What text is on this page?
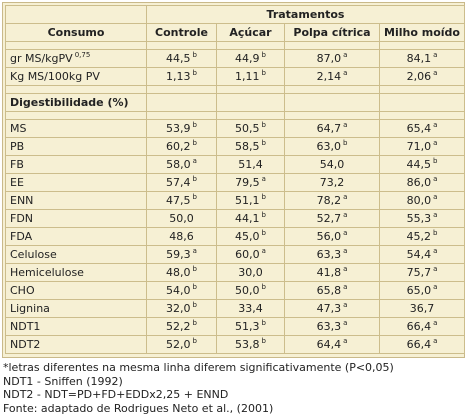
	Tratamentos			
Consumo	Controle	Açúcar	Polpa cítrica	Milho moído

gr MS/kgPV $^{0,75}$	44,5 $^b$	44,9 $^b$	87,0 $^a$	84,1 $^a$
Kg MS/100kg PV	1,13 $^b$	1,11 $^b$	2,14 $^a$	2,06 $^a$

Digestibilidade (%)				

MS	53,9 $^b$	50,5 $^b$	64,7 $^a$	65,4 $^a$
PB	60,2 $^b$	58,5 $^b$	63,0 $^b$	71,0 $^a$
FB	58,0 $^a$	51,4	54,0	44,5 $^b$
EE	57,4 $^b$	79,5 $^a$	73,2	86,0 $^a$
ENN	47,5 $^b$	51,1 $^b$	78,2 $^a$	80,0 $^a$
FDN	50,0	44,1 $^b$	52,7 $^a$	55,3 $^a$
FDA	48,6	45,0 $^b$	56,0 $^a$	45,2 $^b$
Celulose	59,3 $^a$	60,0 $^a$	63,3 $^a$	54,4 $^a$
Hemicelulose	48,0 $^b$	30,0	41,8 $^a$	75,7 $^a$
CHO	54,0 $^b$	50,0 $^b$	65,8 $^a$	65,0 $^a$
Lignina	32,0 $^b$	33,4	47,3 $^a$	36,7
NDT1	52,2 $^b$	51,3 $^b$	63,3 $^a$	66,4 $^a$
NDT2	52,0 $^b$	53,8 $^b$	64,4 $^a$	66,4 $^a$
*letras diferentes na mesma linha diferem significativamente (P<0,05)
NDT1 - Sniffen (1992)
NDT2 - NDT=PD+FD+EDDx2,25 + ENND
Fonte: adaptado de Rodrigues Neto et al., (2001)
